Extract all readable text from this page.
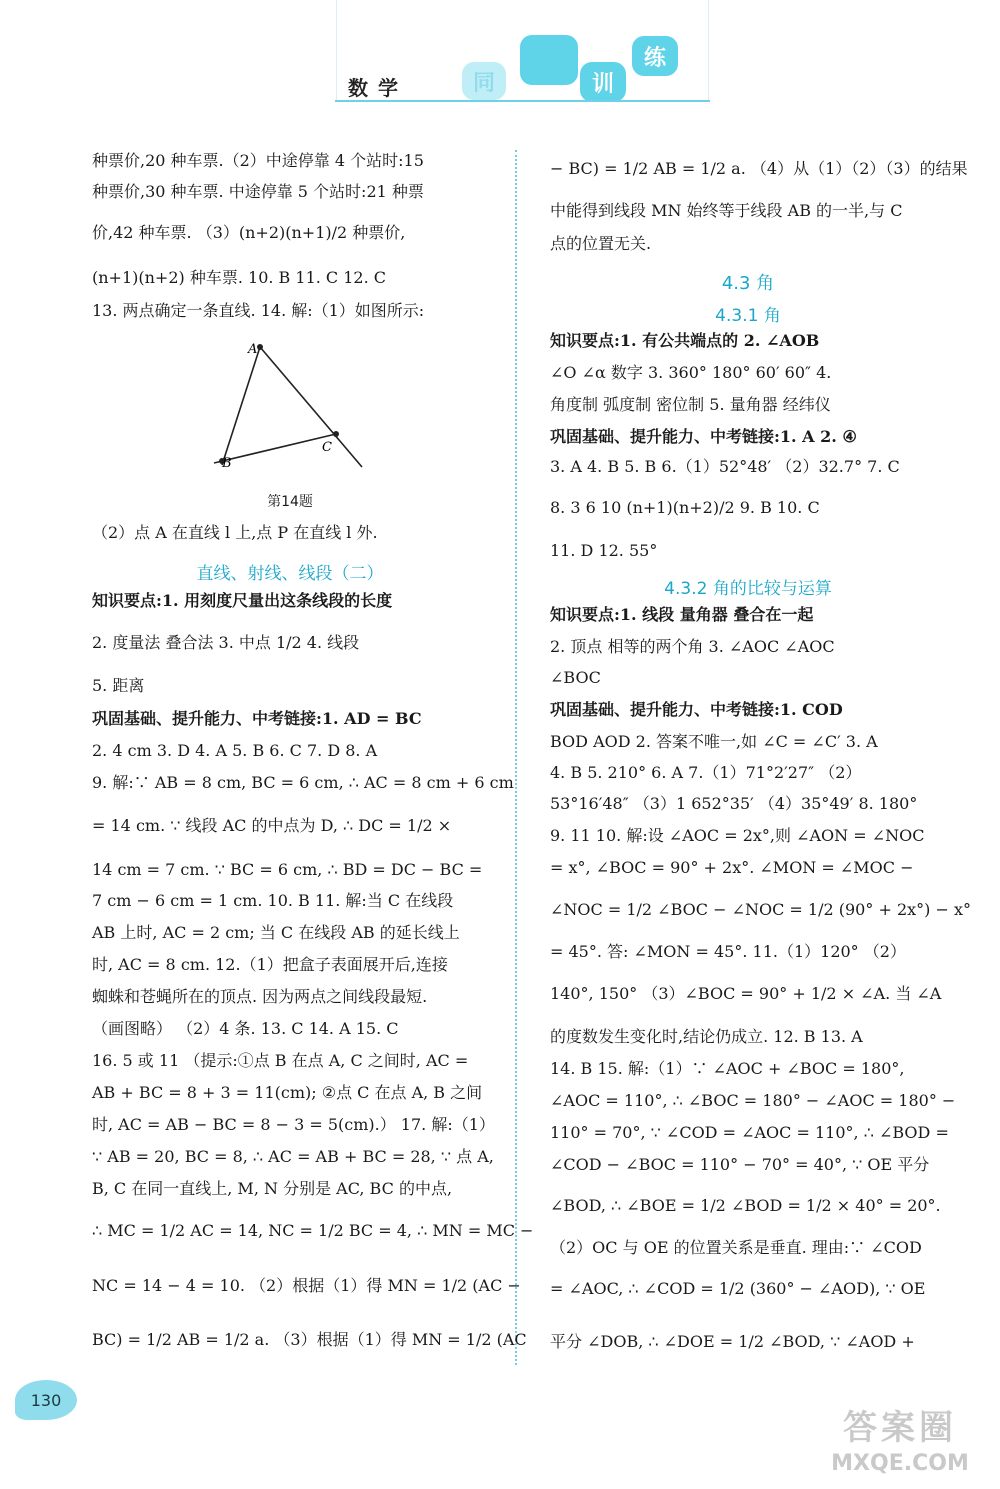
数学	同
步
训
练
种票价,20 种车票.（2）中途停靠 4 个站时:15
种票价,30 种车票. 中途停靠 5 个站时:21 种票
价,42 种车票. （3）(n+2)(n+1)/2 种票价,
(n+1)(n+2) 种车票. 10. B 11. C 12. C
13. 两点确定一条直线. 14. 解:（1）如图所示:
A
B
C
第14题
（2）点 A 在直线 l 上,点 P 在直线 l 外.
直线、射线、线段（二）
知识要点:1. 用刻度尺量出这条线段的长度
2. 度量法 叠合法 3. 中点 1/2 4. 线段
5. 距离
巩固基础、提升能力、中考链接:1. AD = BC
2. 4 cm 3. D 4. A 5. B 6. C 7. D 8. A
9. 解:∵ AB = 8 cm, BC = 6 cm, ∴ AC = 8 cm + 6 cm
= 14 cm. ∵ 线段 AC 的中点为 D, ∴ DC = 1/2 ×
14 cm = 7 cm. ∵ BC = 6 cm, ∴ BD = DC − BC =
7 cm − 6 cm = 1 cm. 10. B 11. 解:当 C 在线段
AB 上时, AC = 2 cm; 当 C 在线段 AB 的延长线上
时, AC = 8 cm. 12.（1）把盒子表面展开后,连接
蜘蛛和苍蝇所在的顶点. 因为两点之间线段最短.
（画图略） （2）4 条. 13. C 14. A 15. C
16. 5 或 11 （提示:①点 B 在点 A, C 之间时, AC =
AB + BC = 8 + 3 = 11(cm); ②点 C 在点 A, B 之间
时, AC = AB − BC = 8 − 3 = 5(cm).） 17. 解:（1）
∵ AB = 20, BC = 8, ∴ AC = AB + BC = 28, ∵ 点 A,
B, C 在同一直线上, M, N 分别是 AC, BC 的中点,
∴ MC = 1/2 AC = 14, NC = 1/2 BC = 4, ∴ MN = MC −
NC = 14 − 4 = 10. （2）根据（1）得 MN = 1/2 (AC −
BC) = 1/2 AB = 1/2 a. （3）根据（1）得 MN = 1/2 (AC
− BC) = 1/2 AB = 1/2 a. （4）从（1）（2）（3）的结果
中能得到线段 MN 始终等于线段 AB 的一半,与 C
点的位置无关.
4.3 角
4.3.1 角
知识要点:1. 有公共端点的 2. ∠AOB
∠O ∠α 数字 3. 360° 180° 60′ 60″ 4.
角度制 弧度制 密位制 5. 量角器 经纬仪
巩固基础、提升能力、中考链接:1. A 2. ④
3. A 4. B 5. B 6.（1）52°48′ （2）32.7° 7. C
8. 3 6 10 (n+1)(n+2)/2 9. B 10. C
11. D 12. 55°
4.3.2 角的比较与运算
知识要点:1. 线段 量角器 叠合在一起
2. 顶点 相等的两个角 3. ∠AOC ∠AOC
∠BOC
巩固基础、提升能力、中考链接:1. COD
BOD AOD 2. 答案不唯一,如 ∠C = ∠C′ 3. A
4. B 5. 210° 6. A 7.（1）71°2′27″ （2）
53°16′48″ （3）1 652°35′ （4）35°49′ 8. 180°
9. 11 10. 解:设 ∠AOC = 2x°,则 ∠AON = ∠NOC
= x°, ∠BOC = 90° + 2x°. ∠MON = ∠MOC −
∠NOC = 1/2 ∠BOC − ∠NOC = 1/2 (90° + 2x°) − x°
= 45°. 答: ∠MON = 45°. 11.（1）120° （2）
140°, 150° （3）∠BOC = 90° + 1/2 × ∠A. 当 ∠A
的度数发生变化时,结论仍成立. 12. B 13. A
14. B 15. 解:（1）∵ ∠AOC + ∠BOC = 180°,
∠AOC = 110°, ∴ ∠BOC = 180° − ∠AOC = 180° −
110° = 70°, ∵ ∠COD = ∠AOC = 110°, ∴ ∠BOD =
∠COD − ∠BOC = 110° − 70° = 40°, ∵ OE 平分
∠BOD, ∴ ∠BOE = 1/2 ∠BOD = 1/2 × 40° = 20°.
（2）OC 与 OE 的位置关系是垂直. 理由:∵ ∠COD
= ∠AOC, ∴ ∠COD = 1/2 (360° − ∠AOD), ∵ OE
平分 ∠DOB, ∴ ∠DOE = 1/2 ∠BOD, ∵ ∠AOD +
130
答案圈
MXQE.COM
